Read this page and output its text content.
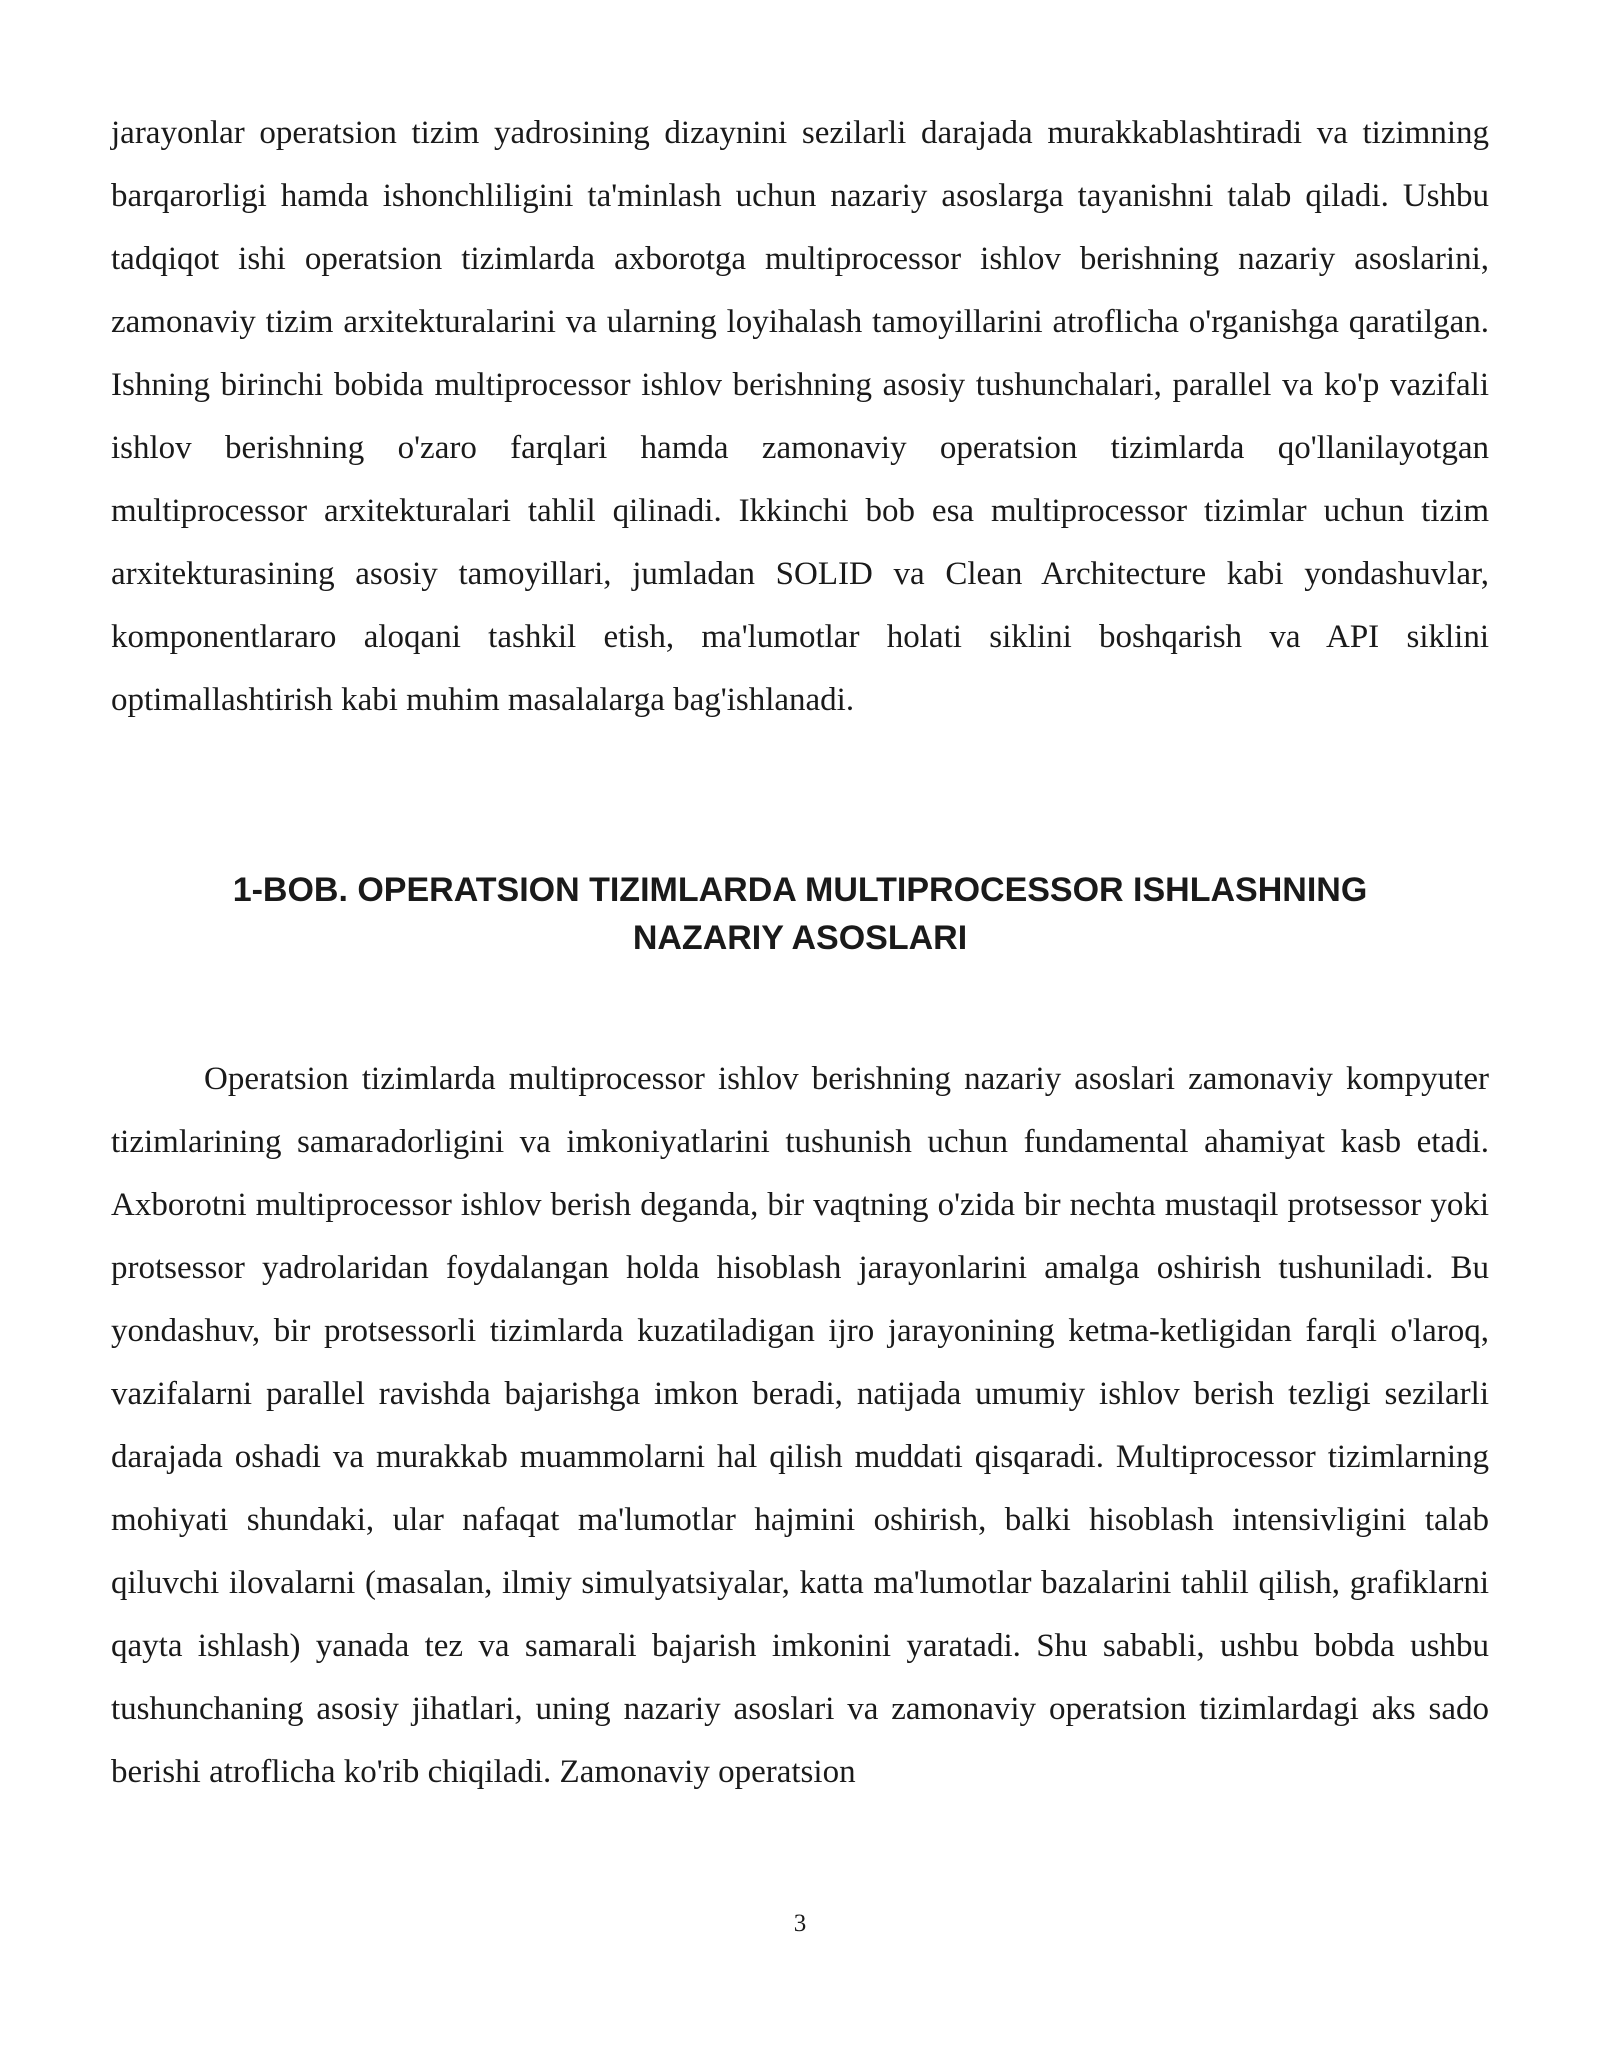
jarayonlar operatsion tizim yadrosining dizaynini sezilarli darajada murakkablashtiradi va tizimning barqarorligi hamda ishonchliligini ta'minlash uchun nazariy asoslarga tayanishni talab qiladi. Ushbu tadqiqot ishi operatsion tizimlarda axborotga multiprocessor ishlov berishning nazariy asoslarini, zamonaviy tizim arxitekturalarini va ularning loyihalash tamoyillarini atroflicha o'rganishga qaratilgan. Ishning birinchi bobida multiprocessor ishlov berishning asosiy tushunchalari, parallel va ko'p vazifali ishlov berishning o'zaro farqlari hamda zamonaviy operatsion tizimlarda qo'llanilayotgan multiprocessor arxitekturalari tahlil qilinadi. Ikkinchi bob esa multiprocessor tizimlar uchun tizim arxitekturasining asosiy tamoyillari, jumladan SOLID va Clean Architecture kabi yondashuvlar, komponentlararo aloqani tashkil etish, ma'lumotlar holati siklini boshqarish va API siklini optimallashtirish kabi muhim masalalarga bag'ishlanadi.

1-BOB. OPERATSION TIZIMLARDA MULTIPROCESSOR ISHLASHNING
NAZARIY ASOSLARI

Operatsion tizimlarda multiprocessor ishlov berishning nazariy asoslari zamonaviy kompyuter tizimlarining samaradorligini va imkoniyatlarini tushunish uchun fundamental ahamiyat kasb etadi. Axborotni multiprocessor ishlov berish deganda, bir vaqtning o'zida bir nechta mustaqil protsessor yoki protsessor yadrolaridan foydalangan holda hisoblash jarayonlarini amalga oshirish tushuniladi. Bu yondashuv, bir protsessorli tizimlarda kuzatiladigan ijro jarayonining ketma-ketligidan farqli o'laroq, vazifalarni parallel ravishda bajarishga imkon beradi, natijada umumiy ishlov berish tezligi sezilarli darajada oshadi va murakkab muammolarni hal qilish muddati qisqaradi. Multiprocessor tizimlarning mohiyati shundaki, ular nafaqat ma'lumotlar hajmini oshirish, balki hisoblash intensivligini talab qiluvchi ilovalarni (masalan, ilmiy simulyatsiyalar, katta ma'lumotlar bazalarini tahlil qilish, grafiklarni qayta ishlash) yanada tez va samarali bajarish imkonini yaratadi. Shu sababli, ushbu bobda ushbu tushunchaning asosiy jihatlari, uning nazariy asoslari va zamonaviy operatsion tizimlardagi aks sado berishi atroflicha ko'rib chiqiladi. Zamonaviy operatsion

3
